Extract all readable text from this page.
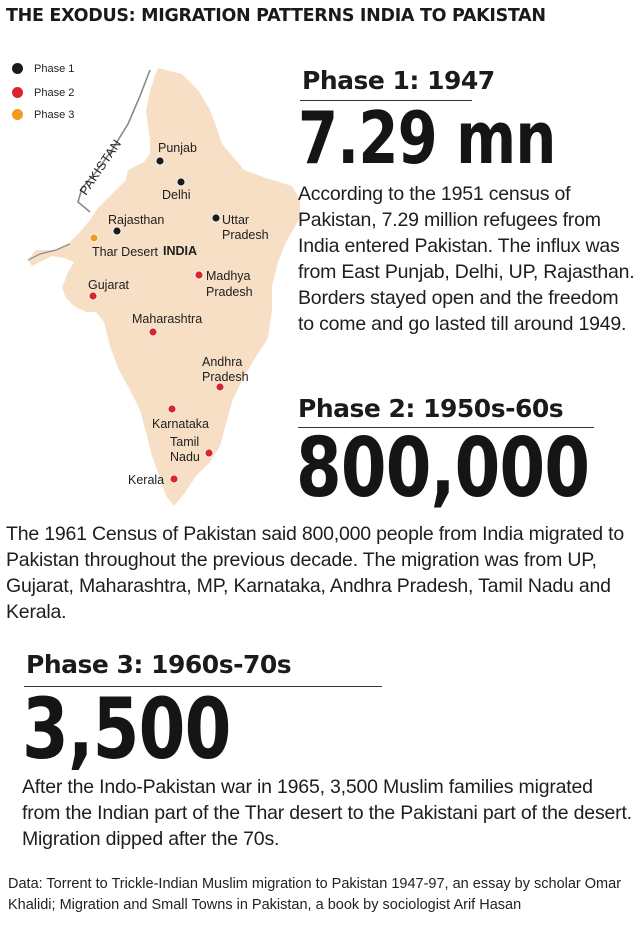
THE EXODUS: MIGRATION PATTERNS INDIA TO PAKISTAN
PAKISTAN
INDIA
Punjab
Delhi
Rajasthan	Uttar
Pradesh
Thar Desert
Gujarat
Madhya
Pradesh
Maharashtra
Andhra
Pradesh
Karnataka
Tamil
Nadu
Kerala
Phase 1
Phase 2
Phase 3
Phase 1: 1947
7.29 mn
According to the 1951 census of Pakistan, 7.29 million refugees from India entered Pakistan. The influx was from East Punjab, Delhi, UP, Rajasthan. Borders stayed open and the freedom to come and go lasted till around 1949.
Phase 2: 1950s-60s
800,000
The 1961 Census of Pakistan said 800,000 people from India migrated to Pakistan throughout the previous decade. The migration was from UP, Gujarat, Maharashtra, MP, Karnataka, Andhra Pradesh, Tamil Nadu and Kerala.
Phase 3: 1960s-70s
3,500
After the Indo-Pakistan war in 1965, 3,500 Muslim families migrated from the Indian part of the Thar desert to the Pakistani part of the desert. Migration dipped after the 70s.
Data: Torrent to Trickle-Indian Muslim migration to Pakistan 1947-97, an essay by scholar Omar Khalidi; Migration and Small Towns in Pakistan, a book by sociologist Arif Hasan
